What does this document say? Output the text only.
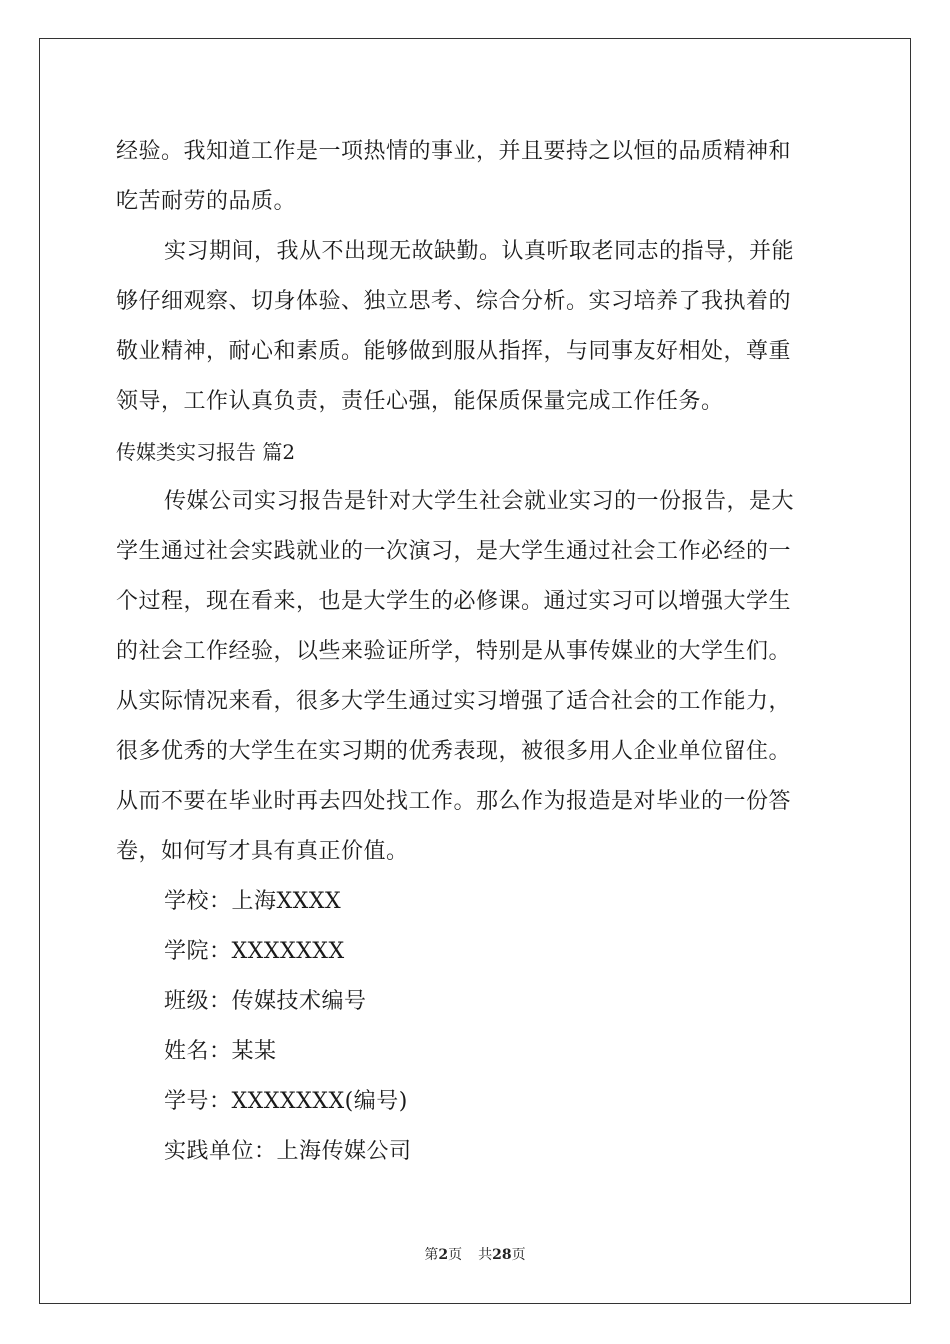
经验。我知道工作是一项热情的事业，并且要持之以恒的品质精神和
吃苦耐劳的品质。
实习期间，我从不出现无故缺勤。认真听取老同志的指导，并能
够仔细观察、切身体验、独立思考、综合分析。实习培养了我执着的
敬业精神，耐心和素质。能够做到服从指挥，与同事友好相处，尊重
领导，工作认真负责，责任心强，能保质保量完成工作任务。
传媒类实习报告 篇2
传媒公司实习报告是针对大学生社会就业实习的一份报告，是大
学生通过社会实践就业的一次演习，是大学生通过社会工作必经的一
个过程，现在看来，也是大学生的必修课。通过实习可以增强大学生
的社会工作经验，以些来验证所学，特别是从事传媒业的大学生们。
从实际情况来看，很多大学生通过实习增强了适合社会的工作能力，
很多优秀的大学生在实习期的优秀表现，被很多用人企业单位留住。
从而不要在毕业时再去四处找工作。那么作为报造是对毕业的一份答
卷，如何写才具有真正价值。
学校：上海XXXX
学院：XXXXXXX
班级：传媒技术编号
姓名：某某
学号：XXXXXXX(编号)
实践单位：上海传媒公司
第2页 共28页
